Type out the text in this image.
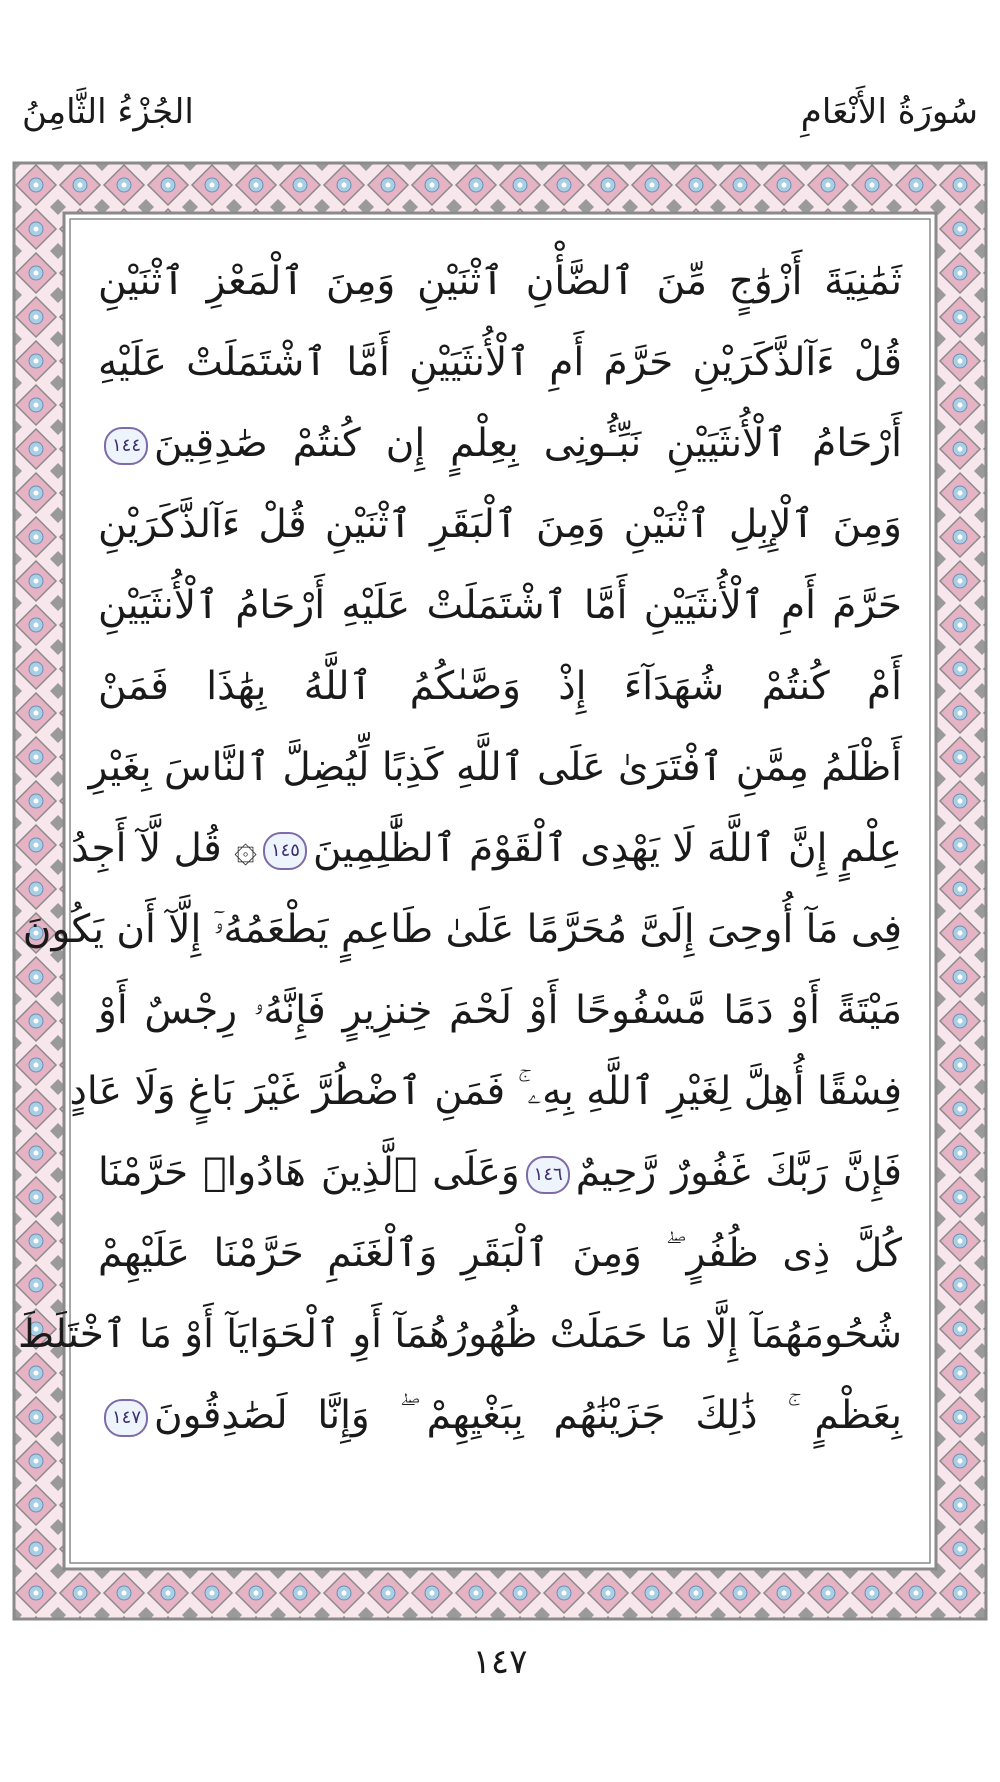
سُورَةُ الأَنْعَامِ
الجُزْءُ الثَّامِنُ
ثَمَٰنِيَةَ أَزْوَٰجٍ مِّنَ ٱلضَّأْنِ ٱثْنَيْنِ وَمِنَ ٱلْمَعْزِ ٱثْنَيْنِ
قُلْ ءَآلذَّكَرَيْنِ حَرَّمَ أَمِ ٱلْأُنثَيَيْنِ أَمَّا ٱشْتَمَلَتْ عَلَيْهِ
أَرْحَامُ ٱلْأُنثَيَيْنِ نَبِّـُٔونِى بِعِلْمٍ إِن كُنتُمْ صَٰدِقِينَ١٤٤
وَمِنَ ٱلْإِبِلِ ٱثْنَيْنِ وَمِنَ ٱلْبَقَرِ ٱثْنَيْنِ قُلْ ءَآلذَّكَرَيْنِ
حَرَّمَ أَمِ ٱلْأُنثَيَيْنِ أَمَّا ٱشْتَمَلَتْ عَلَيْهِ أَرْحَامُ ٱلْأُنثَيَيْنِ
أَمْ كُنتُمْ شُهَدَآءَ إِذْ وَصَّىٰكُمُ ٱللَّهُ بِهَٰذَا فَمَنْ
أَظْلَمُ مِمَّنِ ٱفْتَرَىٰ عَلَى ٱللَّهِ كَذِبًا لِّيُضِلَّ ٱلنَّاسَ بِغَيْرِ
عِلْمٍ إِنَّ ٱللَّهَ لَا يَهْدِى ٱلْقَوْمَ ٱلظَّٰلِمِينَ١٤٥۞ قُل لَّآ أَجِدُ
فِى مَآ أُوحِىَ إِلَىَّ مُحَرَّمًا عَلَىٰ طَاعِمٍ يَطْعَمُهُۥٓ إِلَّآ أَن يَكُونَ
مَيْتَةً أَوْ دَمًا مَّسْفُوحًا أَوْ لَحْمَ خِنزِيرٍ فَإِنَّهُۥ رِجْسٌ أَوْ
فِسْقًا أُهِلَّ لِغَيْرِ ٱللَّهِ بِهِۦ ۚ فَمَنِ ٱضْطُرَّ غَيْرَ بَاغٍ وَلَا عَادٍ
فَإِنَّ رَبَّكَ غَفُورٌ رَّحِيمٌ١٤٦وَعَلَى ٱلَّذِينَ هَادُوا۟ حَرَّمْنَا
كُلَّ ذِى ظُفُرٍ ۖ وَمِنَ ٱلْبَقَرِ وَٱلْغَنَمِ حَرَّمْنَا عَلَيْهِمْ
شُحُومَهُمَآ إِلَّا مَا حَمَلَتْ ظُهُورُهُمَآ أَوِ ٱلْحَوَايَآ أَوْ مَا ٱخْتَلَطَ
بِعَظْمٍ ۚ ذَٰلِكَ جَزَيْنَٰهُم بِبَغْيِهِمْ ۖ وَإِنَّا لَصَٰدِقُونَ١٤٧
١٤٧
